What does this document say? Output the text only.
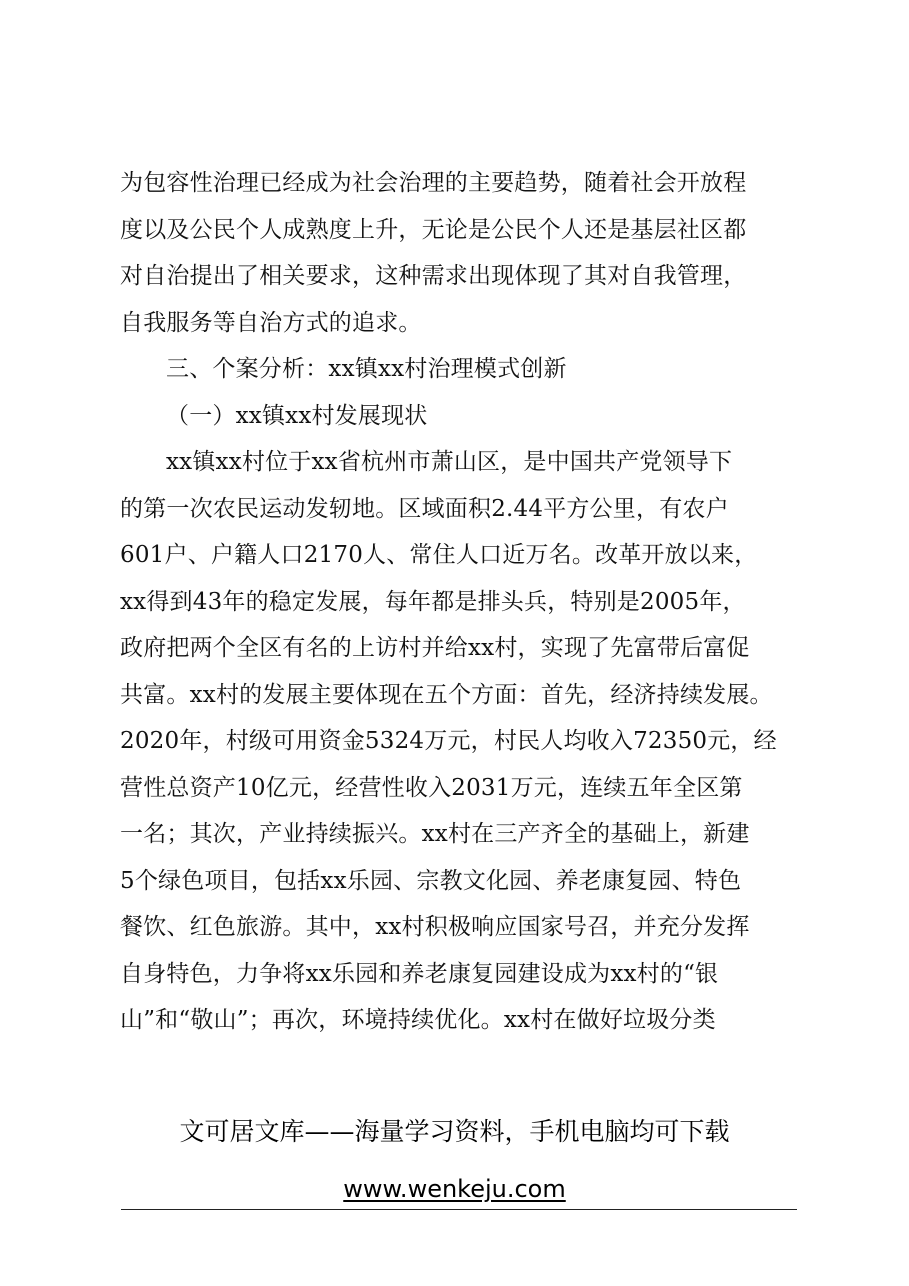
为包容性治理已经成为社会治理的主要趋势，随着社会开放程
度以及公民个人成熟度上升，无论是公民个人还是基层社区都
对自治提出了相关要求，这种需求出现体现了其对自我管理，
自我服务等自治方式的追求。
三、个案分析：xx镇xx村治理模式创新
（一）xx镇xx村发展现状
xx镇xx村位于xx省杭州市萧山区，是中国共产党领导下
的第一次农民运动发轫地。区域面积2.44平方公里，有农户
601户、户籍人口2170人、常住人口近万名。改革开放以来，
xx得到43年的稳定发展，每年都是排头兵，特别是2005年，
政府把两个全区有名的上访村并给xx村，实现了先富带后富促
共富。xx村的发展主要体现在五个方面：首先，经济持续发展。
2020年，村级可用资金5324万元，村民人均收入72350元，经
营性总资产10亿元，经营性收入2031万元，连续五年全区第
一名；其次，产业持续振兴。xx村在三产齐全的基础上，新建
5个绿色项目，包括xx乐园、宗教文化园、养老康复园、特色
餐饮、红色旅游。其中，xx村积极响应国家号召，并充分发挥
自身特色，力争将xx乐园和养老康复园建设成为xx村的“银
山”和“敬山”；再次，环境持续优化。xx村在做好垃圾分类
文可居文库——海量学习资料，手机电脑均可下载
www.wenkeju.com
